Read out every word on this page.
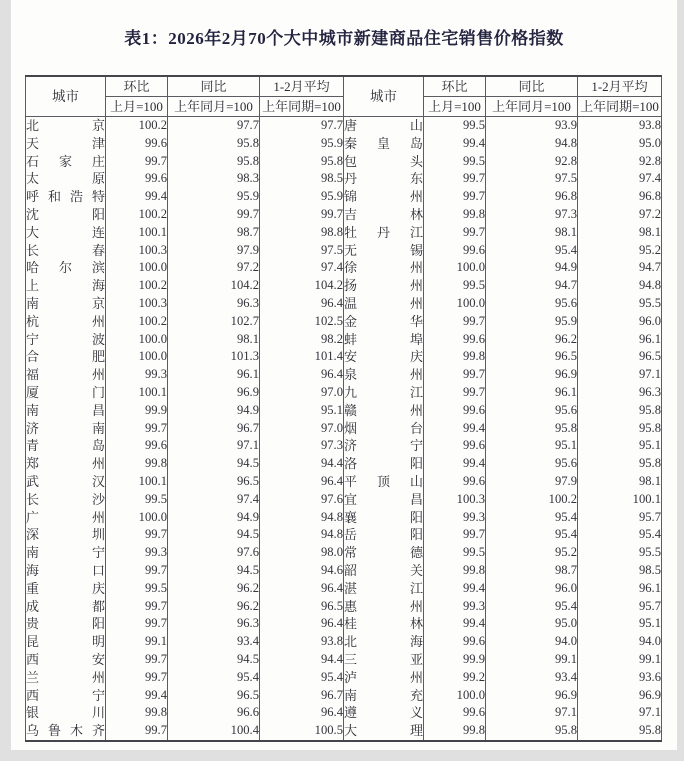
表1：2026年2月70个大中城市新建商品住宅销售价格指数
城市	环比	同比	1-2月平均	城市	环比	同比	1-2月平均
	上月=100	上年同月=100	上年同期=100		上月=100	上年同月=100	上年同期=100

北 京	100.2	97.7	97.7	唐 山	99.5	93.9	93.8

天 津	99.6	95.8	95.9	秦 皇 岛	99.4	94.8	95.0

石 家 庄	99.7	95.8	95.8	包 头	99.5	92.8	92.8

太 原	99.6	98.3	98.5	丹 东	99.7	97.5	97.4

呼 和 浩 特	99.4	95.9	95.9	锦 州	99.7	96.8	96.8

沈 阳	100.2	99.7	99.7	吉 林	99.8	97.3	97.2

大 连	100.1	98.7	98.8	牡 丹 江	99.7	98.1	98.1

长 春	100.3	97.9	97.5	无 锡	99.6	95.4	95.2

哈 尔 滨	100.0	97.2	97.4	徐 州	100.0	94.9	94.7

上 海	100.2	104.2	104.2	扬 州	99.5	94.7	94.8

南 京	100.3	96.3	96.4	温 州	100.0	95.6	95.5

杭 州	100.2	102.7	102.5	金 华	99.7	95.9	96.0

宁 波	100.0	98.1	98.2	蚌 埠	99.6	96.2	96.1

合 肥	100.0	101.3	101.4	安 庆	99.8	96.5	96.5

福 州	99.3	96.1	96.4	泉 州	99.7	96.9	97.1

厦 门	100.1	96.9	97.0	九 江	99.7	96.1	96.3

南 昌	99.9	94.9	95.1	赣 州	99.6	95.6	95.8

济 南	99.7	96.7	97.0	烟 台	99.4	95.8	95.8

青 岛	99.6	97.1	97.3	济 宁	99.6	95.1	95.1

郑 州	99.8	94.5	94.4	洛 阳	99.4	95.6	95.8

武 汉	100.1	96.5	96.4	平 顶 山	99.6	97.9	98.1

长 沙	99.5	97.4	97.6	宜 昌	100.3	100.2	100.1

广 州	100.0	94.9	94.8	襄 阳	99.3	95.4	95.7

深 圳	99.7	94.5	94.8	岳 阳	99.7	95.4	95.4

南 宁	99.3	97.6	98.0	常 德	99.5	95.2	95.5

海 口	99.7	94.5	94.6	韶 关	99.8	98.7	98.5

重 庆	99.5	96.2	96.4	湛 江	99.4	96.0	96.1

成 都	99.7	96.2	96.5	惠 州	99.3	95.4	95.7

贵 阳	99.7	96.3	96.4	桂 林	99.4	95.0	95.1

昆 明	99.1	93.4	93.8	北 海	99.6	94.0	94.0

西 安	99.7	94.5	94.4	三 亚	99.9	99.1	99.1

兰 州	99.7	95.4	95.4	泸 州	99.2	93.4	93.6

西 宁	99.4	96.5	96.7	南 充	100.0	96.9	96.9

银 川	99.8	96.6	96.4	遵 义	99.6	97.1	97.1

乌 鲁 木 齐	99.7	100.4	100.5	大 理	99.8	95.8	95.8
